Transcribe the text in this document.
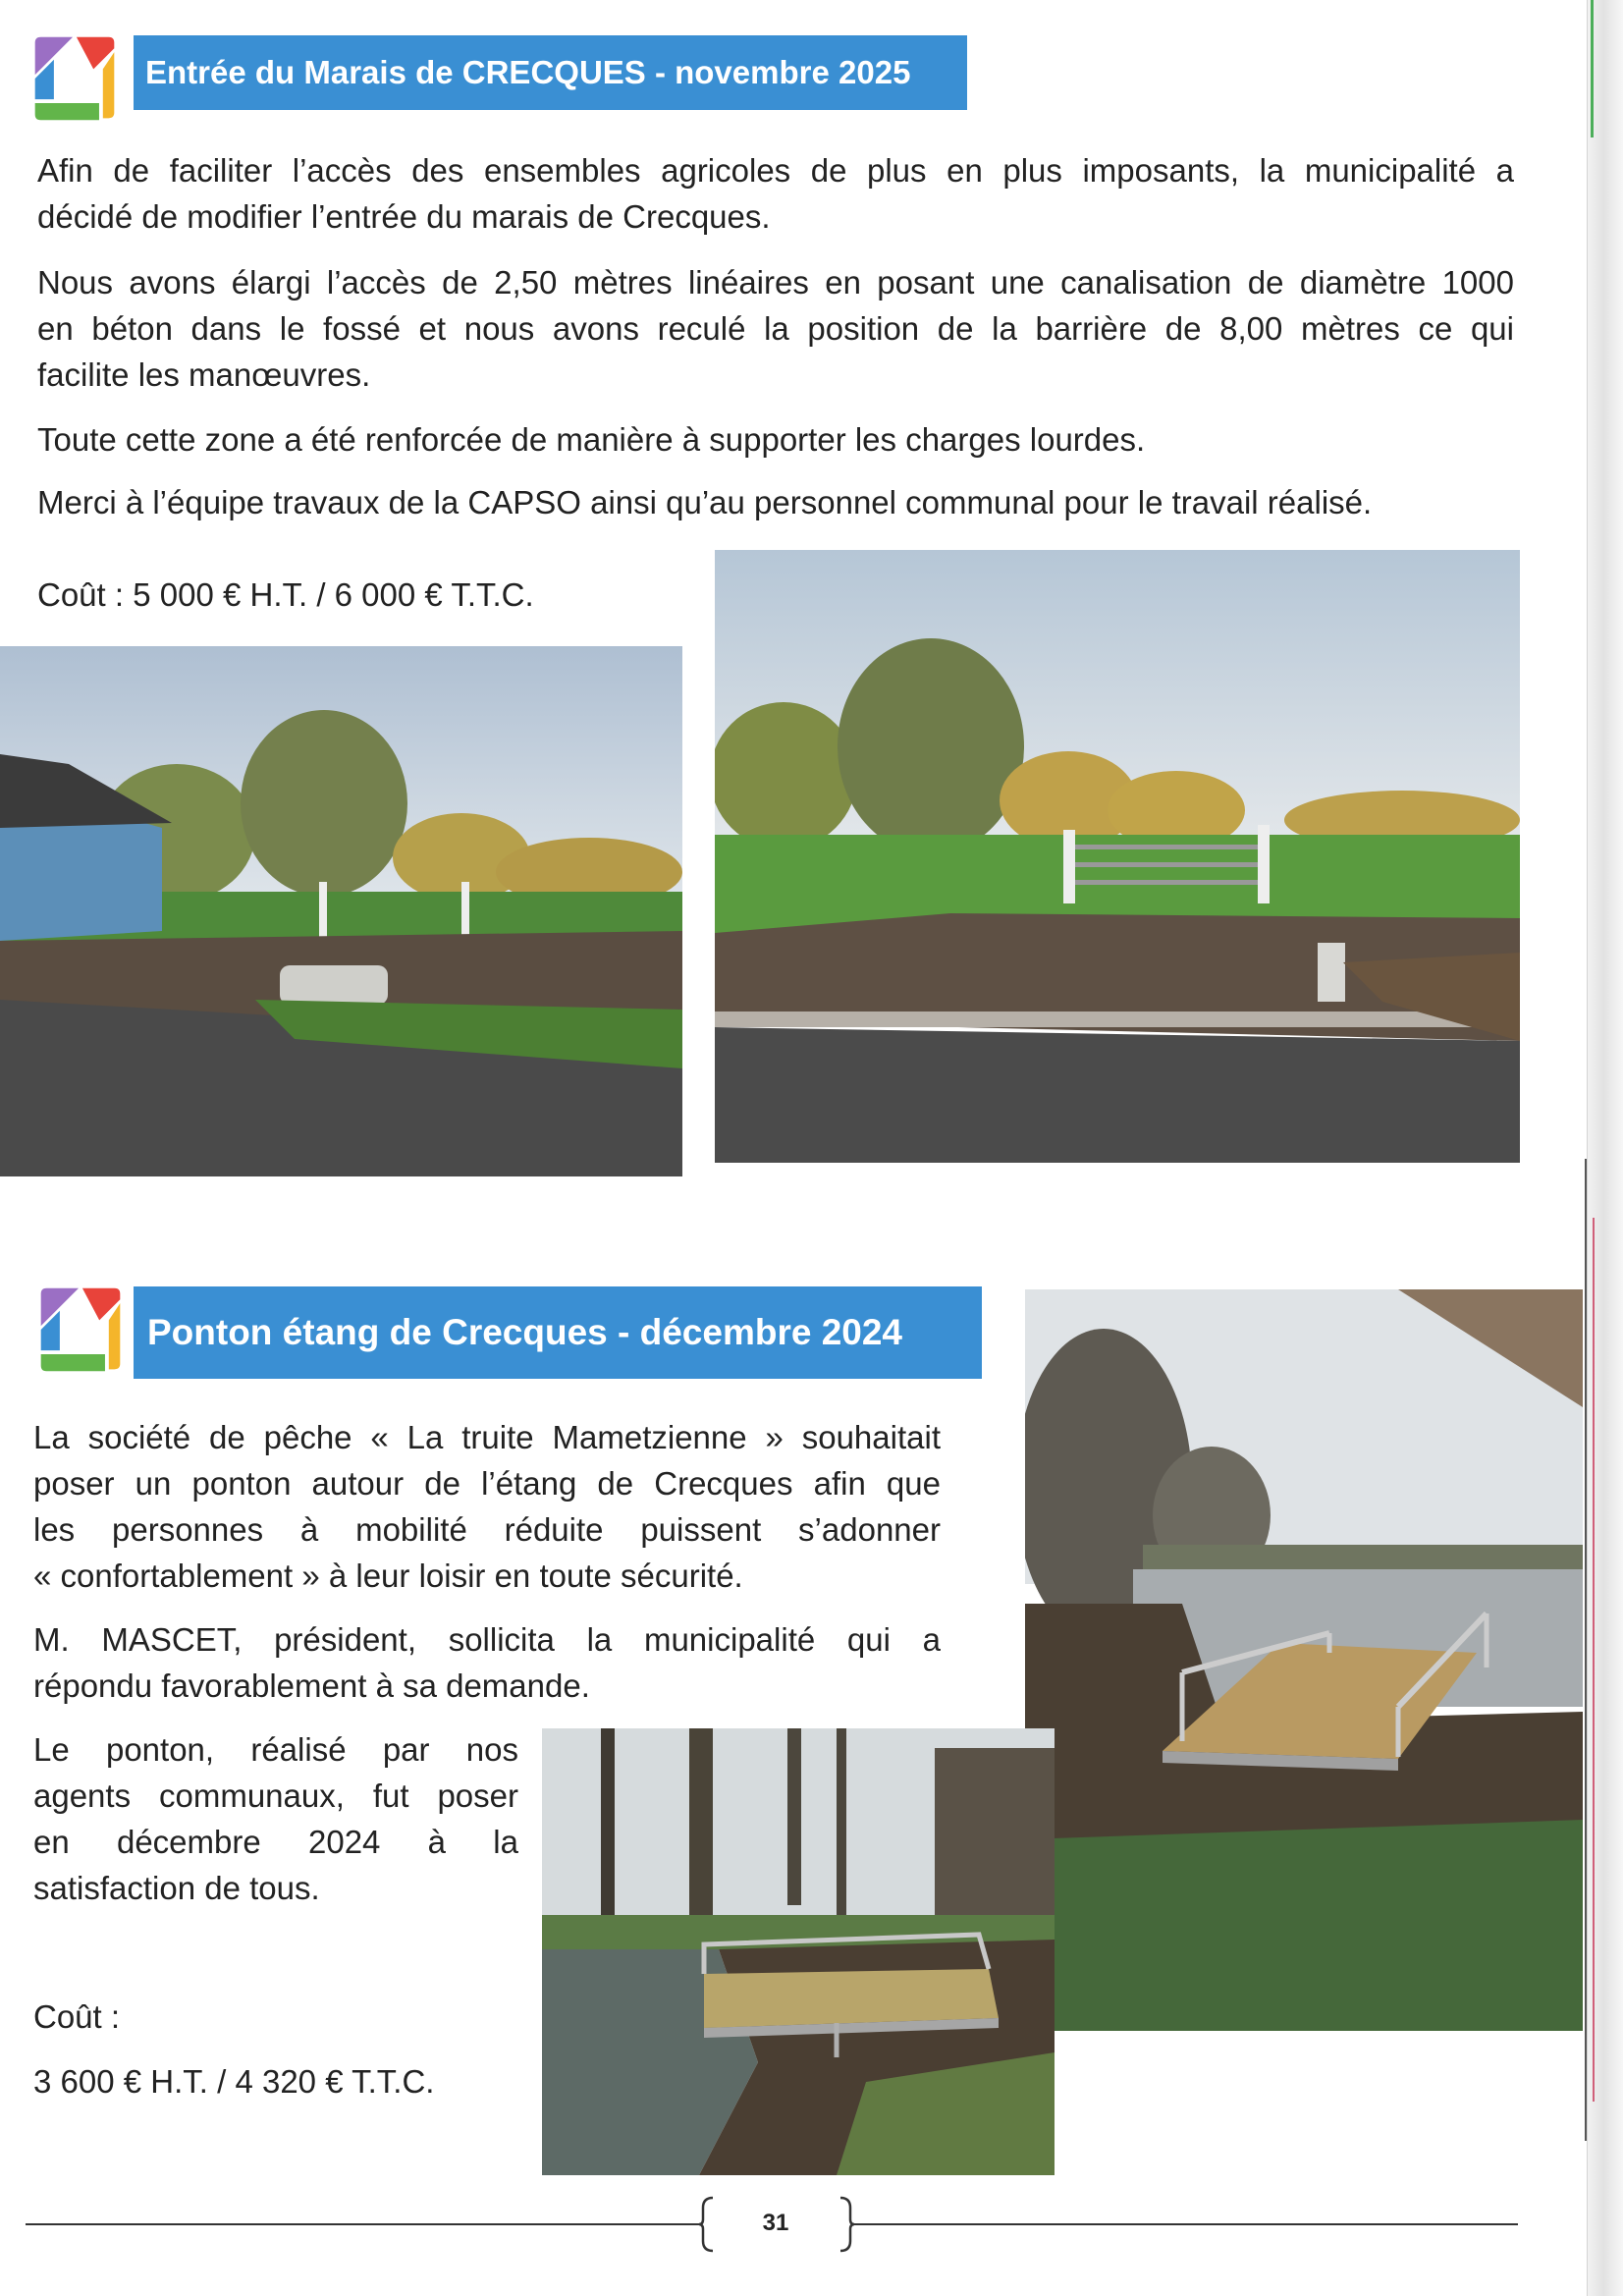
Entrée du Marais de CRECQUES - novembre 2025
Afin de faciliter l’accès des ensembles agricoles de plus en plus imposants, la municipalité a
décidé de modifier l’entrée du marais de Crecques.
Nous avons élargi l’accès de 2,50 mètres linéaires en posant une canalisation de diamètre 1000
en béton dans le fossé et nous avons reculé la position de la barrière de 8,00 mètres ce qui
facilite les manœuvres.
Toute cette zone a été renforcée de manière à supporter les charges lourdes.
Merci à l’équipe travaux de la CAPSO ainsi qu’au personnel communal pour le travail réalisé.
Coût : 5 000 € H.T. / 6 000 € T.T.C.
Ponton étang de Crecques - décembre 2024
La société de pêche « La truite Mametzienne » souhaitait
poser un ponton autour de l’étang de Crecques afin que
les personnes à mobilité réduite puissent s’adonner
« confortablement » à leur loisir en toute sécurité.
M. MASCET, président, sollicita la municipalité qui a
répondu favorablement à sa demande.
Le ponton, réalisé par nos
agents communaux, fut poser
en décembre 2024 à la
satisfaction de tous.
Coût :
3 600 € H.T. / 4 320 € T.T.C.
31
